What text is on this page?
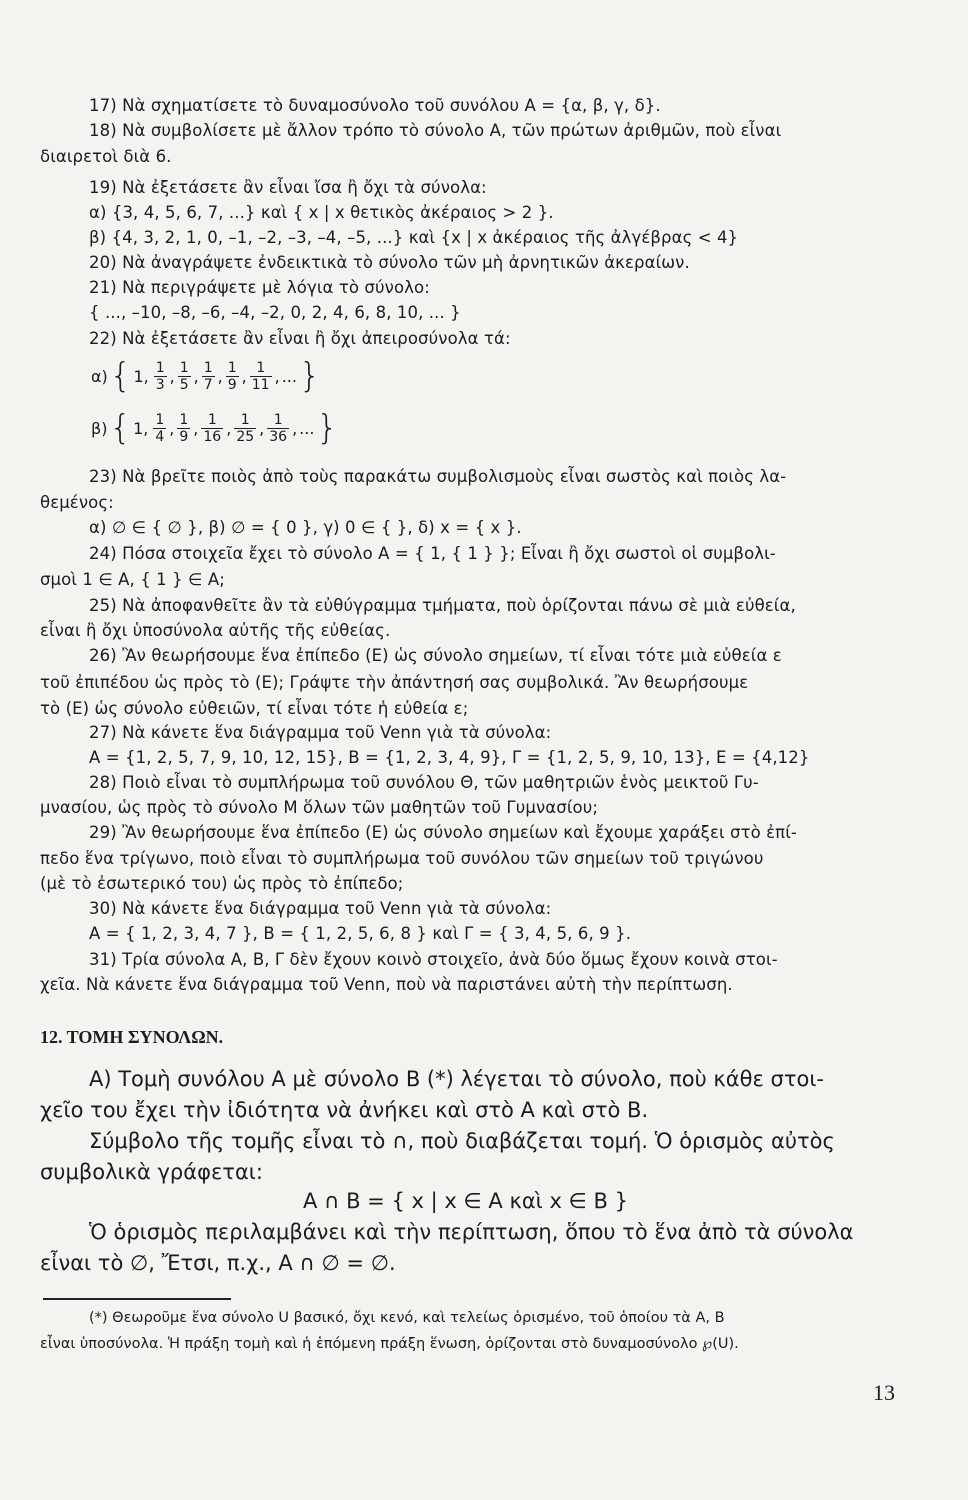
17) Νὰ σχηματίσετε τὸ δυναμοσύνολο τοῦ συνόλου Α = {α, β, γ, δ}.
18) Νὰ συμβολίσετε μὲ ἄλλον τρόπο τὸ σύνολο Α, τῶν πρώτων ἀριθμῶν, ποὺ εἶναι
διαιρετοὶ διὰ 6.
19) Νὰ ἐξετάσετε ἂν εἶναι ἴσα ἢ ὄχι τὰ σύνολα:
α) {3, 4, 5, 6, 7, ...} καὶ { x | x θετικὸς ἀκέραιος > 2 }.
β) {4, 3, 2, 1, 0, –1, –2, –3, –4, –5, ...} καὶ {x | x ἀκέραιος τῆς ἀλγέβρας < 4}
20) Νὰ ἀναγράψετε ἐνδεικτικὰ τὸ σύνολο τῶν μὴ ἀρνητικῶν ἀκεραίων.
21) Νὰ περιγράψετε μὲ λόγια τὸ σύνολο:
{ ..., –10, –8, –6, –4, –2, 0, 2, 4, 6, 8, 10, ... }
22) Νὰ ἐξετάσετε ἂν εἶναι ἢ ὄχι ἀπειροσύνολα τά:
α) { 1, $\frac{1}{3}$ , $\frac{1}{5}$ , $\frac{1}{7}$ , $\frac{1}{9}$ , $\frac{1}{11}$ , ... }
β) { 1, $\frac{1}{4}$ , $\frac{1}{9}$ , $\frac{1}{16}$ , $\frac{1}{25}$ , $\frac{1}{36}$ , ... }
23) Νὰ βρεῖτε ποιὸς ἀπὸ τοὺς παρακάτω συμβολισμοὺς εἶναι σωστὸς καὶ ποιὸς λα-
θεμένος:
α) ∅ ∈ { ∅ }, β) ∅ = { 0 }, γ) 0 ∈ { }, δ) x = { x }.
24) Πόσα στοιχεῖα ἔχει τὸ σύνολο Α = { 1, { 1 } }; Εἶναι ἢ ὄχι σωστοὶ οἱ συμβολι-
σμοὶ 1 ∈ Α, { 1 } ∈ Α;
25) Νὰ ἀποφανθεῖτε ἂν τὰ εὐθύγραμμα τμήματα, ποὺ ὁρίζονται πάνω σὲ μιὰ εὐθεία,
εἶναι ἢ ὄχι ὑποσύνολα αὐτῆς τῆς εὐθείας.
26) Ἂν θεωρήσουμε ἕνα ἐπίπεδο (Ε) ὡς σύνολο σημείων, τί εἶναι τότε μιὰ εὐθεία ε
τοῦ ἐπιπέδου ὡς πρὸς τὸ (Ε); Γράψτε τὴν ἀπάντησή σας συμβολικά. Ἂν θεωρήσουμε
τὸ (Ε) ὡς σύνολο εὐθειῶν, τί εἶναι τότε ἡ εὐθεία ε;
27) Νὰ κάνετε ἕνα διάγραμμα τοῦ Venn γιὰ τὰ σύνολα:
Α = {1, 2, 5, 7, 9, 10, 12, 15}, Β = {1, 2, 3, 4, 9}, Γ = {1, 2, 5, 9, 10, 13}, Ε = {4,12}
28) Ποιὸ εἶναι τὸ συμπλήρωμα τοῦ συνόλου Θ, τῶν μαθητριῶν ἑνὸς μεικτοῦ Γυ-
μνασίου, ὡς πρὸς τὸ σύνολο Μ ὅλων τῶν μαθητῶν τοῦ Γυμνασίου;
29) Ἂν θεωρήσουμε ἕνα ἐπίπεδο (Ε) ὡς σύνολο σημείων καὶ ἔχουμε χαράξει στὸ ἐπί-
πεδο ἕνα τρίγωνο, ποιὸ εἶναι τὸ συμπλήρωμα τοῦ συνόλου τῶν σημείων τοῦ τριγώνου
(μὲ τὸ ἐσωτερικό του) ὡς πρὸς τὸ ἐπίπεδο;
30) Νὰ κάνετε ἕνα διάγραμμα τοῦ Venn γιὰ τὰ σύνολα:
Α = { 1, 2, 3, 4, 7 }, Β = { 1, 2, 5, 6, 8 } καὶ Γ = { 3, 4, 5, 6, 9 }.
31) Τρία σύνολα Α, Β, Γ δὲν ἔχουν κοινὸ στοιχεῖο, ἀνὰ δύο ὅμως ἔχουν κοινὰ στοι-
χεῖα. Νὰ κάνετε ἕνα διάγραμμα τοῦ Venn, ποὺ νὰ παριστάνει αὐτὴ τὴν περίπτωση.
12. ΤΟΜΗ ΣΥΝΟΛΩΝ.
Α) Τομὴ συνόλου Α μὲ σύνολο Β (*) λέγεται τὸ σύνολο, ποὺ κάθε στοι-
χεῖο του ἔχει τὴν ἰδιότητα νὰ ἀνήκει καὶ στὸ Α καὶ στὸ Β.
Σύμβολο τῆς τομῆς εἶναι τὸ ∩, ποὺ διαβάζεται τομή. Ὁ ὁρισμὸς αὐτὸς
συμβολικὰ γράφεται:
Α ∩ Β = { x | x ∈ Α καὶ x ∈ Β }
Ὁ ὁρισμὸς περιλαμβάνει καὶ τὴν περίπτωση, ὅπου τὸ ἕνα ἀπὸ τὰ σύνολα
εἶναι τὸ ∅, Ἔτσι, π.χ., Α ∩ ∅ = ∅.
(*) Θεωροῦμε ἕνα σύνολο U βασικό, ὄχι κενό, καὶ τελείως ὁρισμένο, τοῦ ὁποίου τὰ Α, Β
εἶναι ὑποσύνολα. Ἡ πράξη τομὴ καὶ ἡ ἑπόμενη πράξη ἕνωση, ὁρίζονται στὸ δυναμοσύνολο ℘(U).
13
